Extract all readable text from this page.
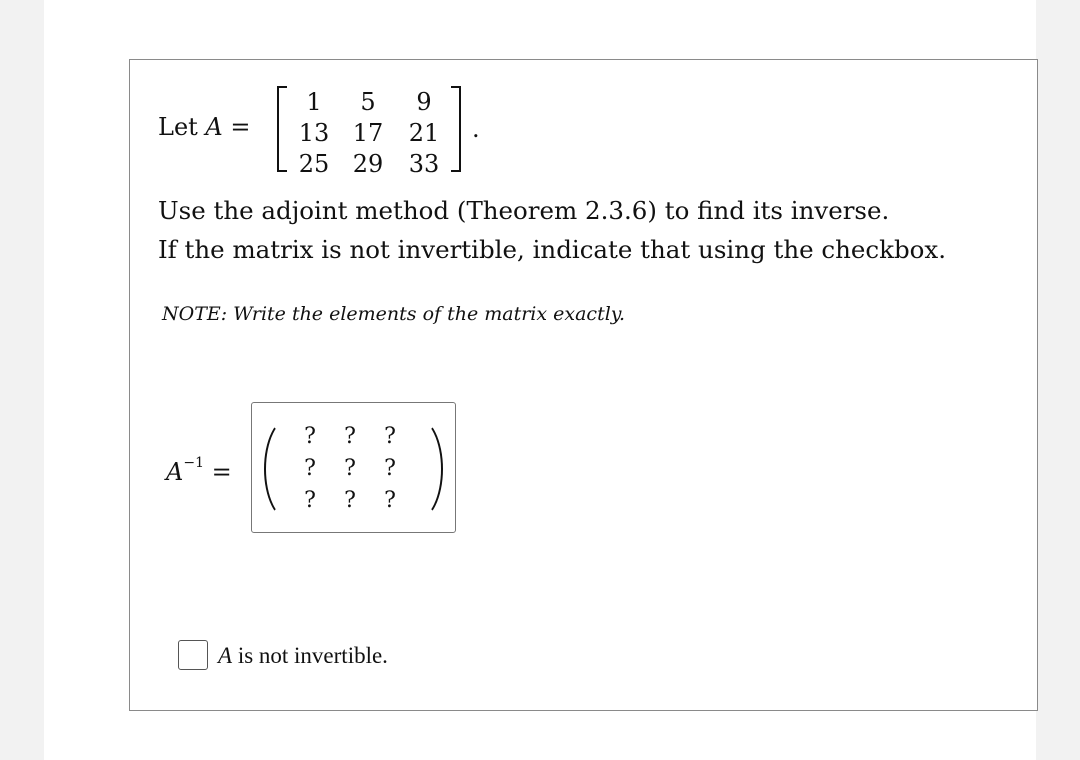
Let A =
1	5	9
13 17	21
25 29	33
.
Use the adjoint method (Theorem 2.3.6) to find its inverse.
If the matrix is not invertible, indicate that using the checkbox.
NOTE: Write the elements of the matrix exactly.
$A^{-1}$ =
?	?	?
?	?	?
?	?	?
A is not invertible.
